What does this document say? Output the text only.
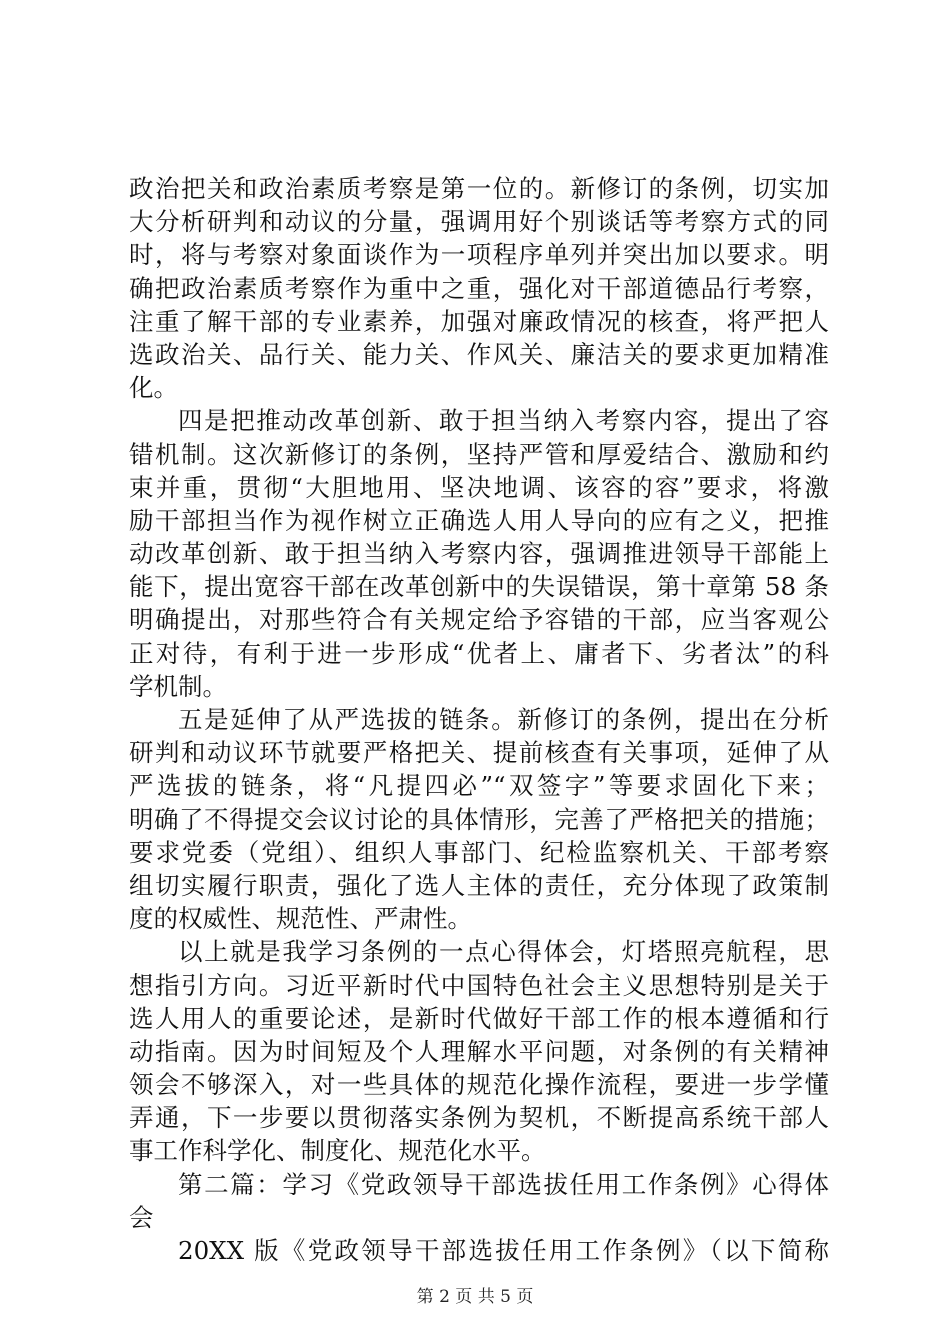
政治把关和政治素质考察是第一位的。新修订的条例，切实加
大分析研判和动议的分量，强调用好个别谈话等考察方式的同
时，将与考察对象面谈作为一项程序单列并突出加以要求。明
确把政治素质考察作为重中之重，强化对干部道德品行考察，
注重了解干部的专业素养，加强对廉政情况的核查，将严把人
选政治关、品行关、能力关、作风关、廉洁关的要求更加精准
化。
四是把推动改革创新、敢于担当纳入考察内容，提出了容
错机制。这次新修订的条例，坚持严管和厚爱结合、激励和约
束并重，贯彻“大胆地用、坚决地调、该容的容”要求，将激
励干部担当作为视作树立正确选人用人导向的应有之义，把推
动改革创新、敢于担当纳入考察内容，强调推进领导干部能上
能下，提出宽容干部在改革创新中的失误错误，第十章第 58 条
明确提出，对那些符合有关规定给予容错的干部，应当客观公
正对待，有利于进一步形成“优者上、庸者下、劣者汰”的科
学机制。
五是延伸了从严选拔的链条。新修订的条例，提出在分析
研判和动议环节就要严格把关、提前核查有关事项，延伸了从
严选拔的链条，将“凡提四必”“双签字”等要求固化下来；
明确了不得提交会议讨论的具体情形，完善了严格把关的措施；
要求党委（党组）、组织人事部门、纪检监察机关、干部考察
组切实履行职责，强化了选人主体的责任，充分体现了政策制
度的权威性、规范性、严肃性。
以上就是我学习条例的一点心得体会，灯塔照亮航程，思
想指引方向。习近平新时代中国特色社会主义思想特别是关于
选人用人的重要论述，是新时代做好干部工作的根本遵循和行
动指南。因为时间短及个人理解水平问题，对条例的有关精神
领会不够深入，对一些具体的规范化操作流程，要进一步学懂
弄通，下一步要以贯彻落实条例为契机，不断提高系统干部人
事工作科学化、制度化、规范化水平。
第二篇：学习《党政领导干部选拔任用工作条例》心得体
会
20XX 版《党政领导干部选拔任用工作条例》（以下简称
第 2 页 共 5 页
